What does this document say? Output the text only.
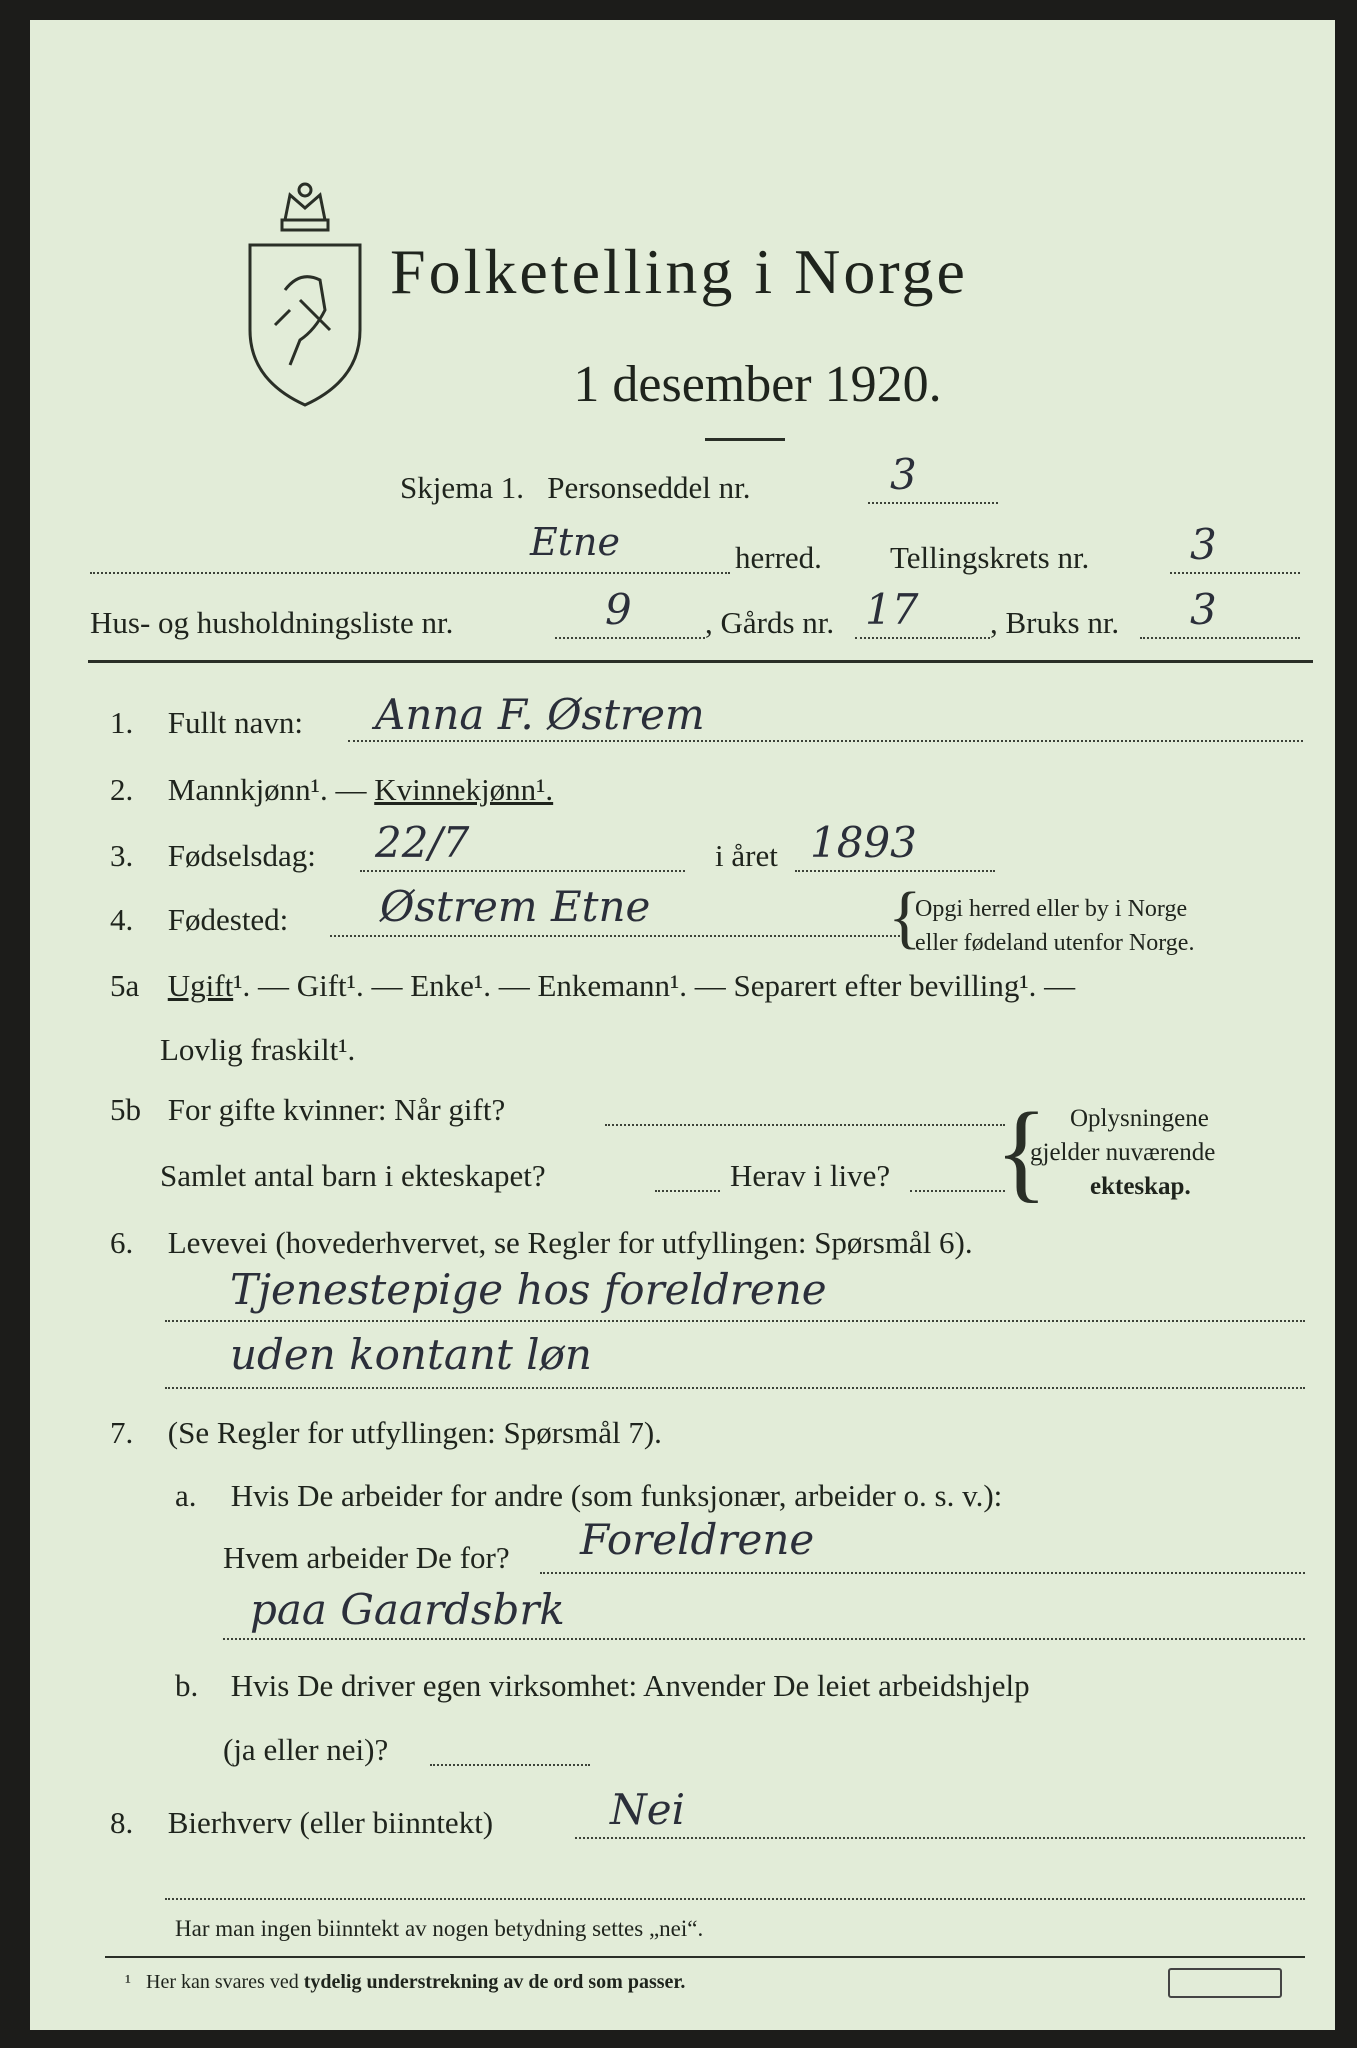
Folketelling i Norge
1 desember 1920.
Skjema 1. Personseddel nr.	3
Etne	herred. Tellingskrets nr. 3
Hus- og husholdningsliste nr.	9 , Gårds nr. 17 , Bruks nr. 3
1. Fullt navn: Anna F. Østrem
2. Mannkjønn¹. — Kvinnekjønn¹.
3. Fødselsdag: 22/7	i året 1893
4. Fødested: Østrem Etne	{
Opgi herred eller by i Norge
eller fødeland utenfor Norge.
5a Ugift¹. — Gift¹. — Enke¹. — Enkemann¹. — Separert efter bevilling¹. —
Lovlig fraskilt¹.
5b For gifte kvinner: Når gift?
Samlet antal barn i ekteskapet?	Herav i live? { Oplysningene
gjelder nuværende
ekteskap.
6. Levevei (hovederhvervet, se Regler for utfyllingen: Spørsmål 6).
Tjenestepige hos foreldrene
uden kontant løn
7. (Se Regler for utfyllingen: Spørsmål 7).
a. Hvis De arbeider for andre (som funksjonær, arbeider o. s. v.):
Hvem arbeider De for? Foreldrene
paa Gaardsbrk
b. Hvis De driver egen virksomhet: Anvender De leiet arbeidshjelp
(ja eller nei)?
8. Bierhverv (eller biinntekt)	Nei
Har man ingen biinntekt av nogen betydning settes „nei“.
¹ Her kan svares ved tydelig understrekning av de ord som passer.
